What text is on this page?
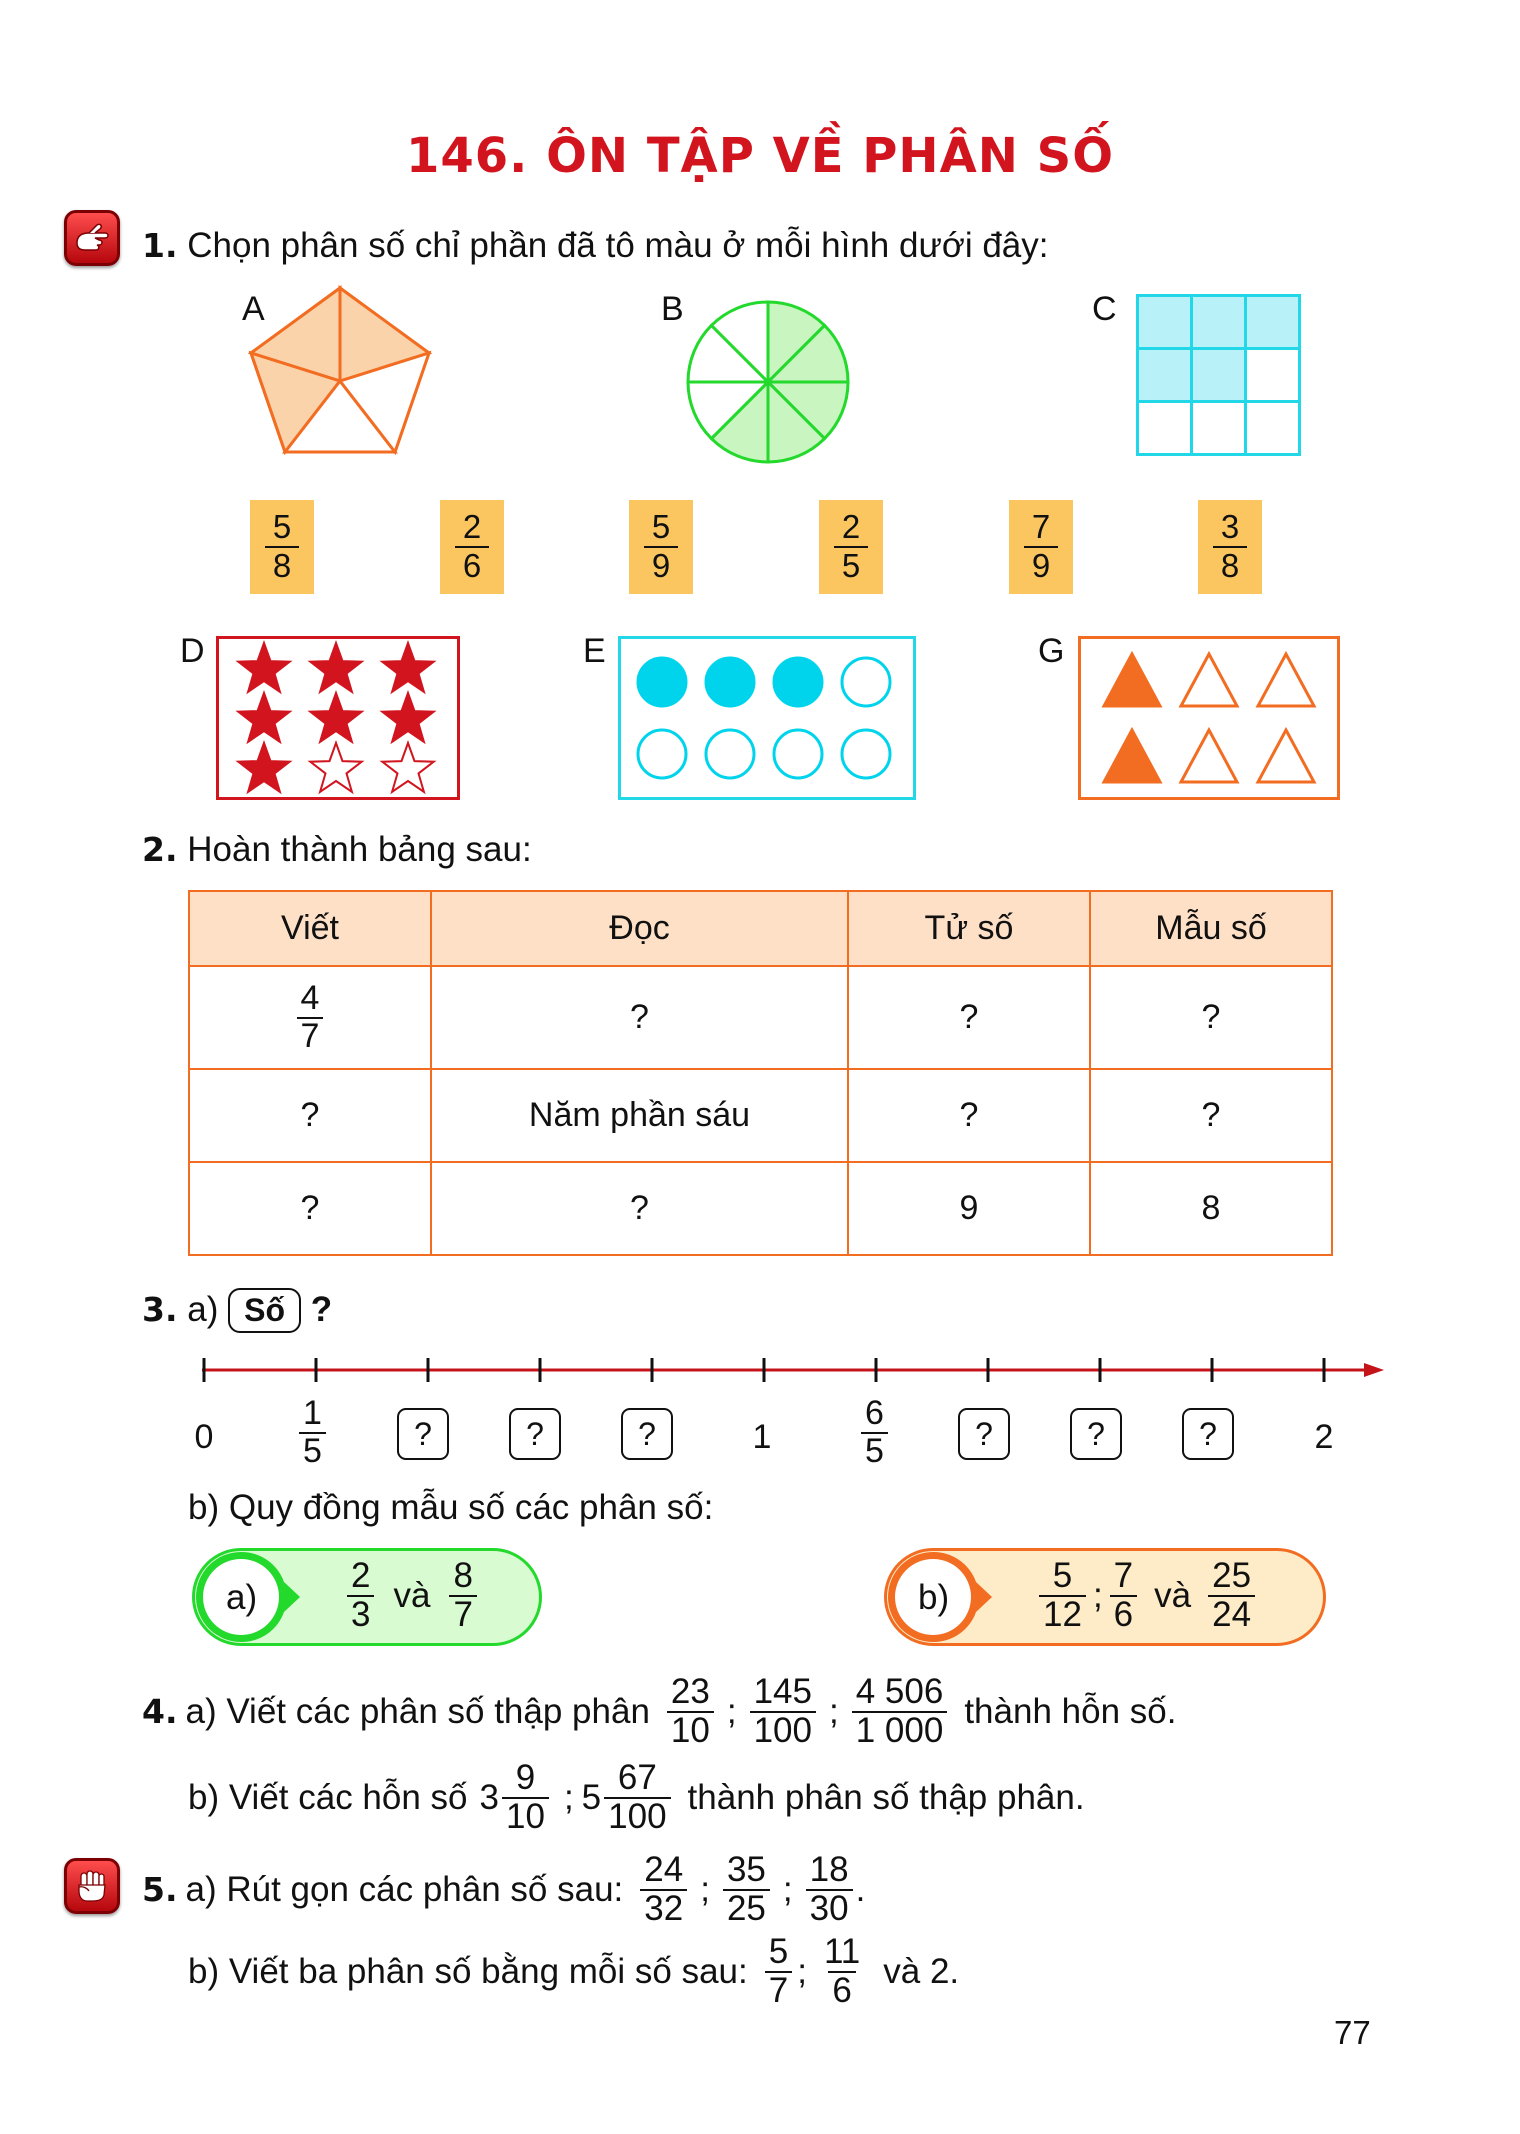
146. ÔN TẬP VỀ PHÂN SỐ
1. Chọn phân số chỉ phần đã tô màu ở mỗi hình dưới đây:
A	B	C
$\frac{5}{8}$	$\frac{2}{6}$	$\frac{5}{9}$	$\frac{2}{5}$	$\frac{7}{9}$	$\frac{3}{8}$
D	E	G
2. Hoàn thành bảng sau:
Viết	Đọc	Tử số	Mẫu số

$\frac{4}{7}$	?	?	?
?	Năm phần sáu	?	?
?	?	9	8
3. a) Số ?
0	$\frac{1}{5}$	?	?	?	1	$\frac{6}{5}$	?	?	?	2
b) Quy đồng mẫu số các phân số:
a)	$\frac{2}{3}$ và $\frac{8}{7}$	b)	$\frac{5}{12}$ ; $\frac{7}{6}$ và $\frac{25}{24}$
4. a) Viết các phân số thập phân $\frac{23}{10}$ ; $\frac{145}{100}$ ; $\frac{4 506}{1 000}$ thành hỗn số.
b) Viết các hỗn số $3 \frac{9}{10}$ ; $5 \frac{67}{100}$ thành phân số thập phân.
5. a) Rút gọn các phân số sau: $\frac{24}{32}$ ; $\frac{35}{25}$ ; $\frac{18}{30}$ .
b) Viết ba phân số bằng mỗi số sau: $\frac{5}{7}$ ; $\frac{11}{6}$ và 2.
77
